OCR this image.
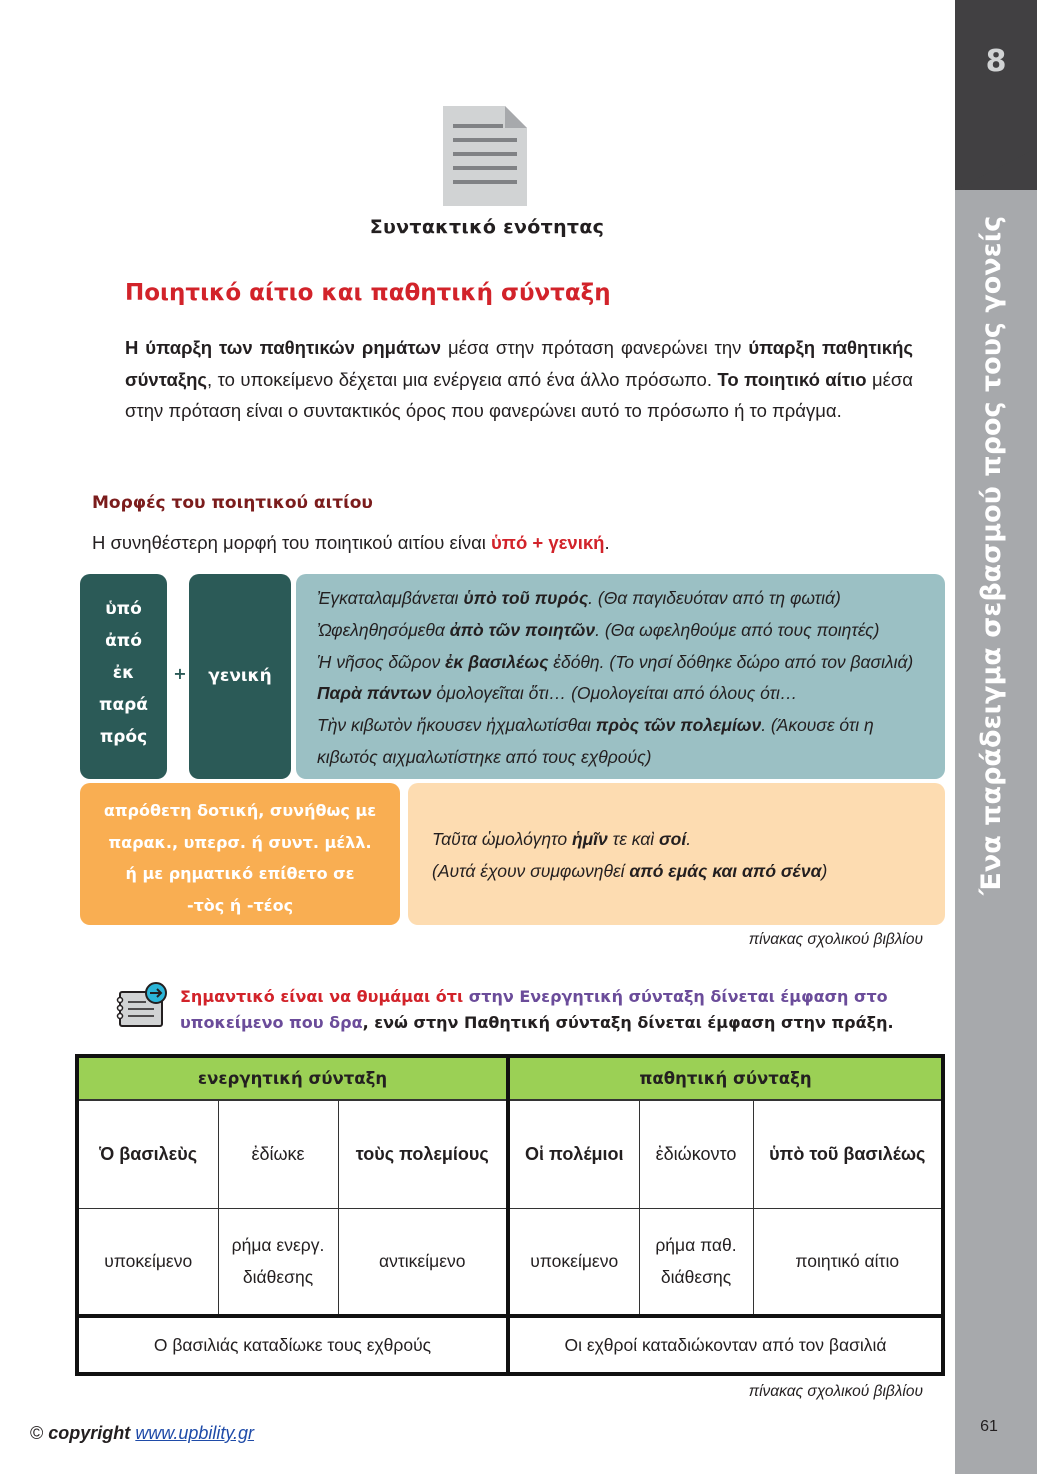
8
Ένα παράδειγμα σεβασμού προς τους γονείς
Συντακτικό ενότητας
Ποιητικό αίτιο και παθητική σύνταξη

Η ύπαρξη των παθητικών ρημάτων μέσα στην πρόταση φανερώνει την ύπαρξη παθητικής σύνταξης, το υποκείμενο δέχεται μια ενέργεια από ένα άλλο πρόσωπο. Το ποιητικό αίτιο μέσα στην πρόταση είναι ο συντακτικός όρος που φανερώνει αυτό το πρόσωπο ή το πράγμα.

Μορφές του ποιητικού αιτίου
Η συνηθέστερη μορφή του ποιητικού αιτίου είναι ὑπό + γενική.
ὑπό
ἀπό
ἐκ
παρά
πρός
+	γενική
Ἐγκαταλαμβάνεται ὑπὸ τοῦ πυρός. (Θα παγιδευόταν από τη φωτιά)
Ὠφεληθησόμεθα ἀπὸ τῶν ποιητῶν. (Θα ωφεληθούμε από τους ποιητές)
Ἡ νῆσος δῶρον ἐκ βασιλέως ἐδόθη. (Το νησί δόθηκε δώρο από τον βασιλιά)
Παρὰ πάντων ὁμολογεῖται ὅτι… (Ομολογείται από όλους ότι…
Τὴν κιβωτὸν ἤκουσεν ἠχμαλωτίσθαι πρὸς τῶν πολεμίων. (Άκουσε ότι η
κιβωτός αιχμαλωτίστηκε από τους εχθρούς)
απρόθετη δοτική, συνήθως με
παρακ., υπερσ. ή συντ. μέλλ.
ή με ρηματικό επίθετο σε
-τὸς ή -τέος
Ταῦτα ὡμολόγητο ἡμῖν τε καὶ σοί.
(Αυτά έχουν συμφωνηθεί από εμάς και από σένα)
πίνακας σχολικού βιβλίου
Σημαντικό είναι να θυμάμαι ότι στην Ενεργητική σύνταξη δίνεται έμφαση στο υποκείμενο που δρα, ενώ στην Παθητική σύνταξη δίνεται έμφαση στην πράξη.
ενεργητική σύνταξη			παθητική σύνταξη		
Ὁ βασιλεὺς	ἐδίωκε	τοὺς πολεμίους	Οἱ πολέμιοι	ἐδιώκοντο	ὑπὸ τοῦ βασιλέως
υποκείμενο	ρήμα ενεργ. διάθεσης	αντικείμενο	υποκείμενο	ρήμα παθ. διάθεσης	ποιητικό αίτιο
Ο βασιλιάς καταδίωκε τους εχθρούς			Οι εχθροί καταδιώκονταν από τον βασιλιά		
πίνακας σχολικού βιβλίου
© copyright www.upbility.gr	61
